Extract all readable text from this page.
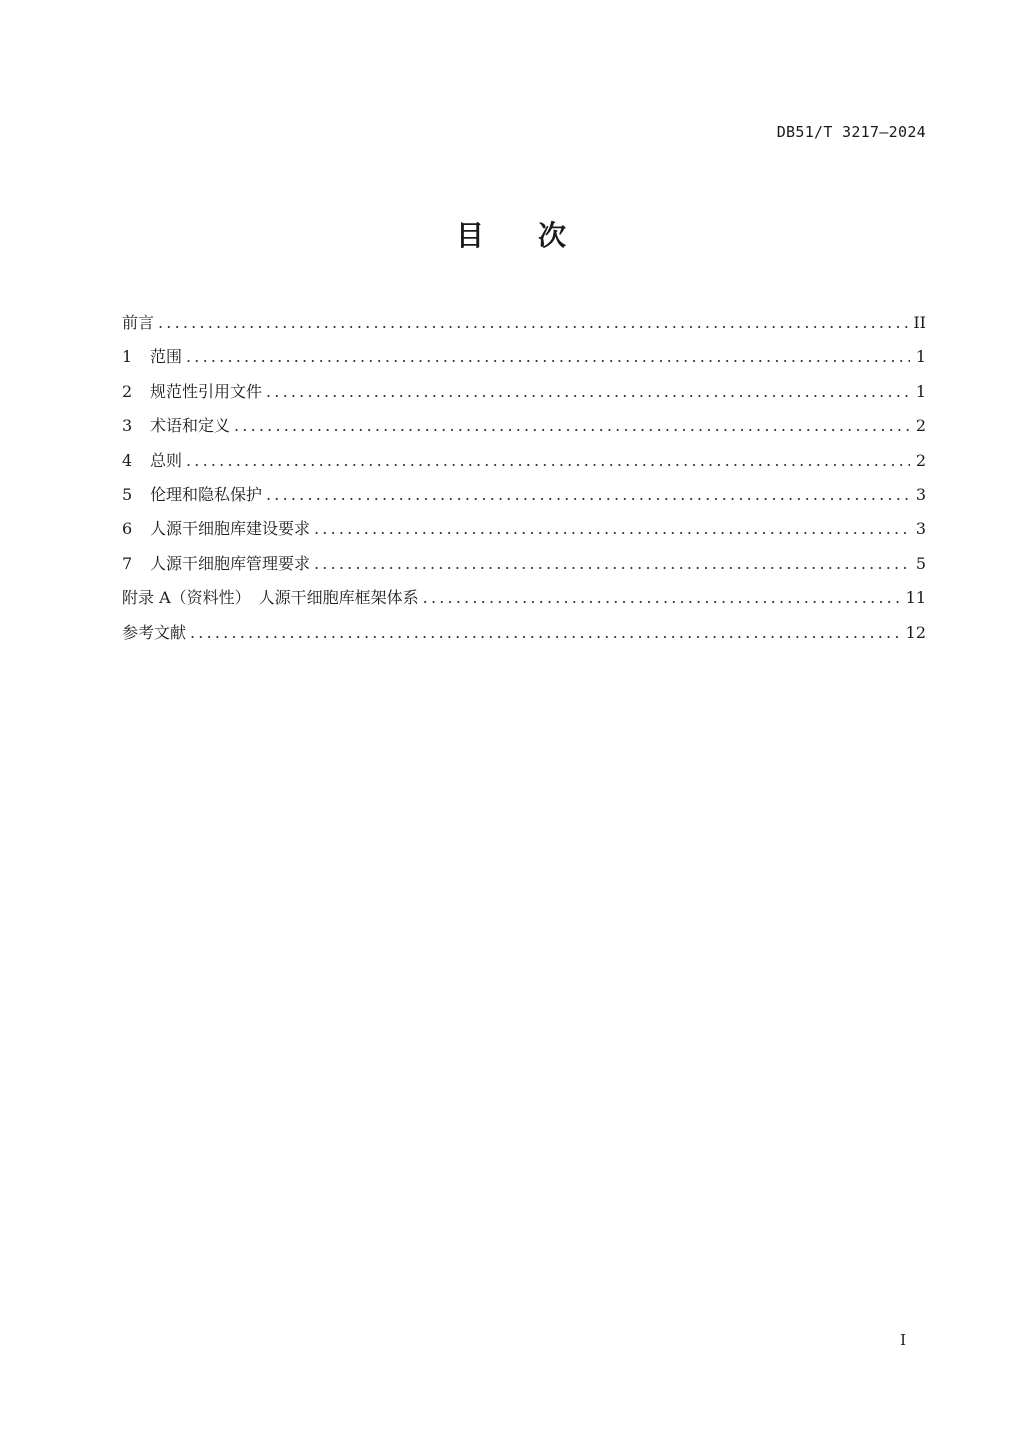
DB51/T 3217—2024
目 次
前言 .....	II
1	范围 .....	1
2	规范性引用文件 .....	1
3	术语和定义 .....	2
4	总则 .....	2
5	伦理和隐私保护 .....	3
6	人源干细胞库建设要求 .....	3
7	人源干细胞库管理要求 .....	5
附录 A（资料性）　人源干细胞库框架体系 .....	11
参考文献 .....	12
I
